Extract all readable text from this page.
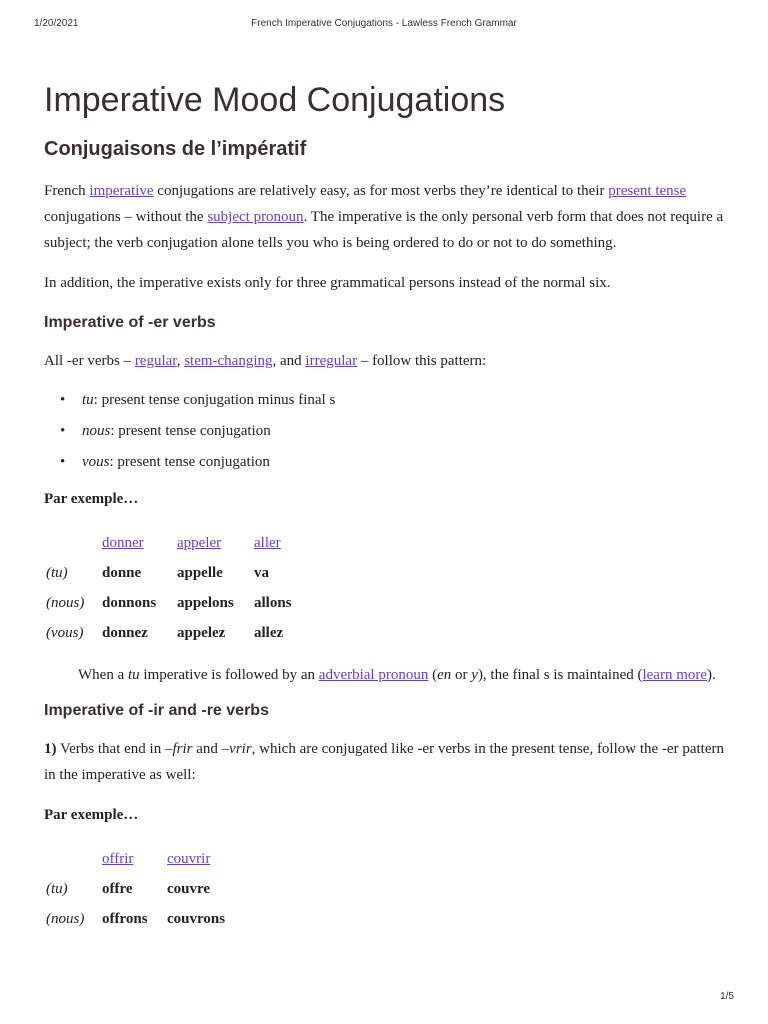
1/20/2021	French Imperative Conjugations - Lawless French Grammar
Imperative Mood Conjugations
Conjugaisons de l’impératif

French imperative conjugations are relatively easy, as for most verbs they’re identical to their present tense conjugations – without the subject pronoun. The imperative is the only personal verb form that does not require a subject; the verb conjugation alone tells you who is being ordered to do or not to do something.

In addition, the imperative exists only for three grammatical persons instead of the normal six.

Imperative of -er verbs

All -er verbs – regular, stem-changing, and irregular – follow this pattern:

• tu: present tense conjugation minus final s
• nous: present tense conjugation
• vous: present tense conjugation
Par exemple…
	donner	appeler	aller
(tu)	donne	appelle	va
(nous)	donnons	appelons	allons
(vous)	donnez	appelez	allez

When a tu imperative is followed by an adverbial pronoun (en or y), the final s is maintained (learn more).

Imperative of -ir and -re verbs

1) Verbs that end in –frir and –vrir, which are conjugated like -er verbs in the present tense, follow the -er pattern in the imperative as well:

Par exemple…
	offrir	couvrir
(tu)	offre	couvre
(nous)	offrons	couvrons
1/5
